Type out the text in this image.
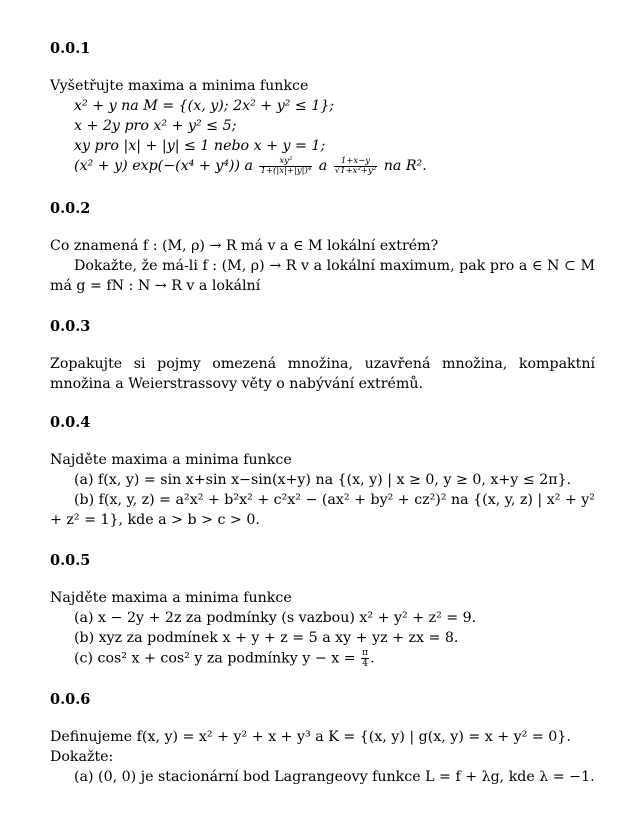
0.0.1

Vyšetřujte maxima a minima funkce

x² + y na M = {(x, y); 2x² + y² ≤ 1};

x + 2y pro x² + y² ≤ 5;

xy pro |x| + |y| ≤ 1 nebo x + y = 1;

(x² + y) exp(−(x⁴ + y⁴)) a $\frac{\text{xy²}}{\text{1+(|x|+|y|)⁴}}$ a $\frac{1+x-y}{\text{√1+x²+y²}}$ na R².

0.0.2

Co znamená f : (M, ρ) → R má v a ∈ M lokální extrém?

Dokažte, že má-li f : (M, ρ) → R v a lokální maximum, pak pro a ∈ N ⊂ M má g = fN : N → R v a lokální

0.0.3

Zopakujte si pojmy omezená množina, uzavřená množina, kompaktní množina a Weierstrassovy věty o nabývání extrémů.

0.0.4

Najděte maxima a minima funkce

(a) f(x, y) = sin x+sin x−sin(x+y) na {(x, y) | x ≥ 0, y ≥ 0, x+y ≤ 2π}.

(b) f(x, y, z) = a²x² + b²x² + c²x² − (ax² + by² + cz²)² na {(x, y, z) | x² + y² + z² = 1}, kde a > b > c > 0.

0.0.5

Najděte maxima a minima funkce

(a) x − 2y + 2z za podmínky (s vazbou) x² + y² + z² = 9.

(b) xyz za podmínek x + y + z = 5 a xy + yz + zx = 8.

(c) cos² x + cos² y za podmínky $y - x = \frac{\pi}{4}$.

0.0.6

Definujeme f(x, y) = x² + y² + x + y³ a K = {(x, y) | g(x, y) = x + y² = 0}.

Dokažte:

(a) (0, 0) je stacionární bod Lagrangeovy funkce L = f + λg, kde λ = −1.
